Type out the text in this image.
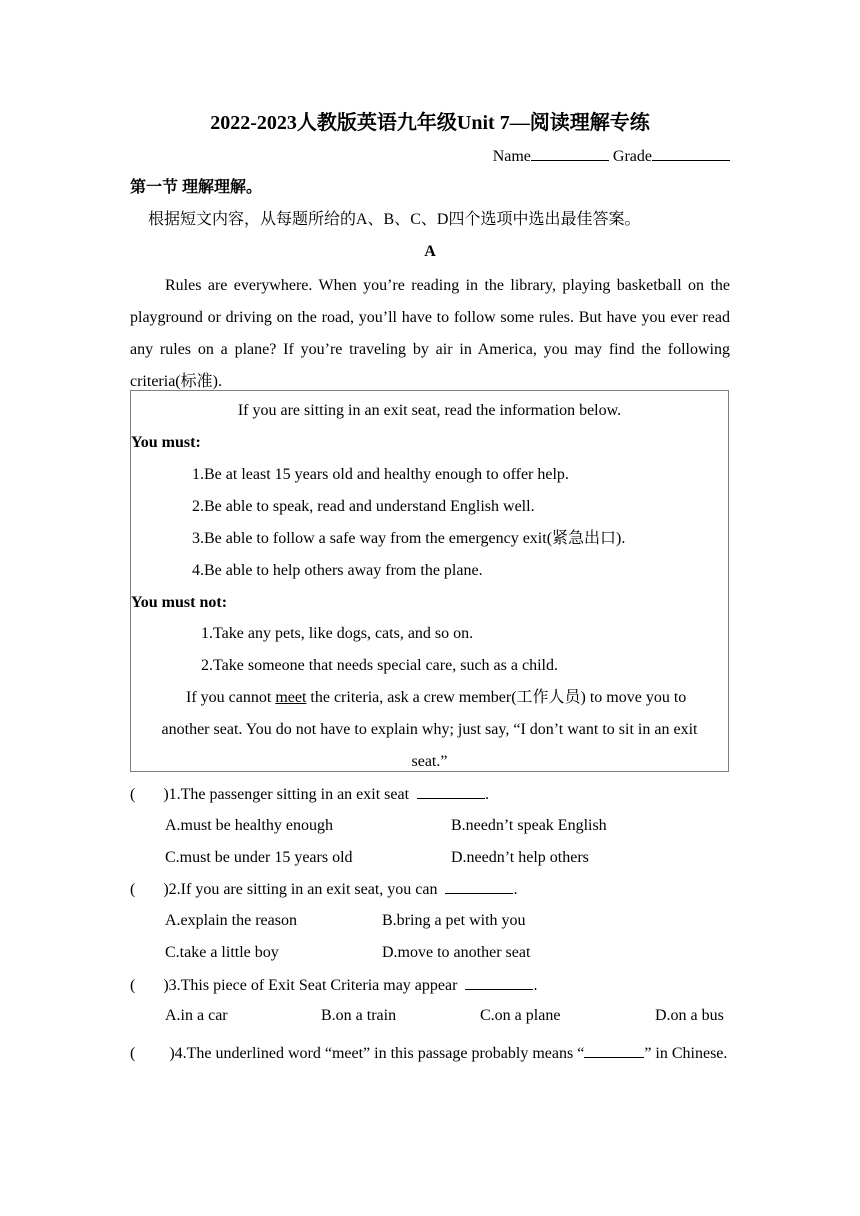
2022-2023人教版英语九年级Unit 7—阅读理解专练
Name	Grade
第一节 理解理解。
根据短文内容，从每题所给的A、B、C、D四个选项中选出最佳答案。
A

Rules are everywhere. When you’re reading in the library, playing basketball on the playground or driving on the road, you’ll have to follow some rules. But have you ever read any rules on a plane? If you’re traveling by air in America, you may find the following criteria(标准).

If you are sitting in an exit seat, read the information below.
You must:
1.Be at least 15 years old and healthy enough to offer help.
2.Be able to speak, read and understand English well.
3.Be able to follow a safe way from the emergency exit(紧急出口).
4.Be able to help others away from the plane.
You must not:
1.Take any pets, like dogs, cats, and so on.
2.Take someone that needs special care, such as a child.
If you cannot meet the criteria, ask a crew member(工作人员) to move you to
another seat. You do not have to explain why; just say, “I don’t want to sit in an exit
seat.”
( )1.The passenger sitting in an exit seat	.
A.must be healthy enough	B.needn’t speak English
C.must be under 15 years old	D.needn’t help others
( )2.If you are sitting in an exit seat, you can	.
A.explain the reason	B.bring a pet with you
C.take a little boy	D.move to another seat
( )3.This piece of Exit Seat Criteria may appear	.
A.in a car	B.on a train	C.on a plane	D.on a bus

( )4.The underlined word “meet” in this passage probably means “	” in Chinese.
